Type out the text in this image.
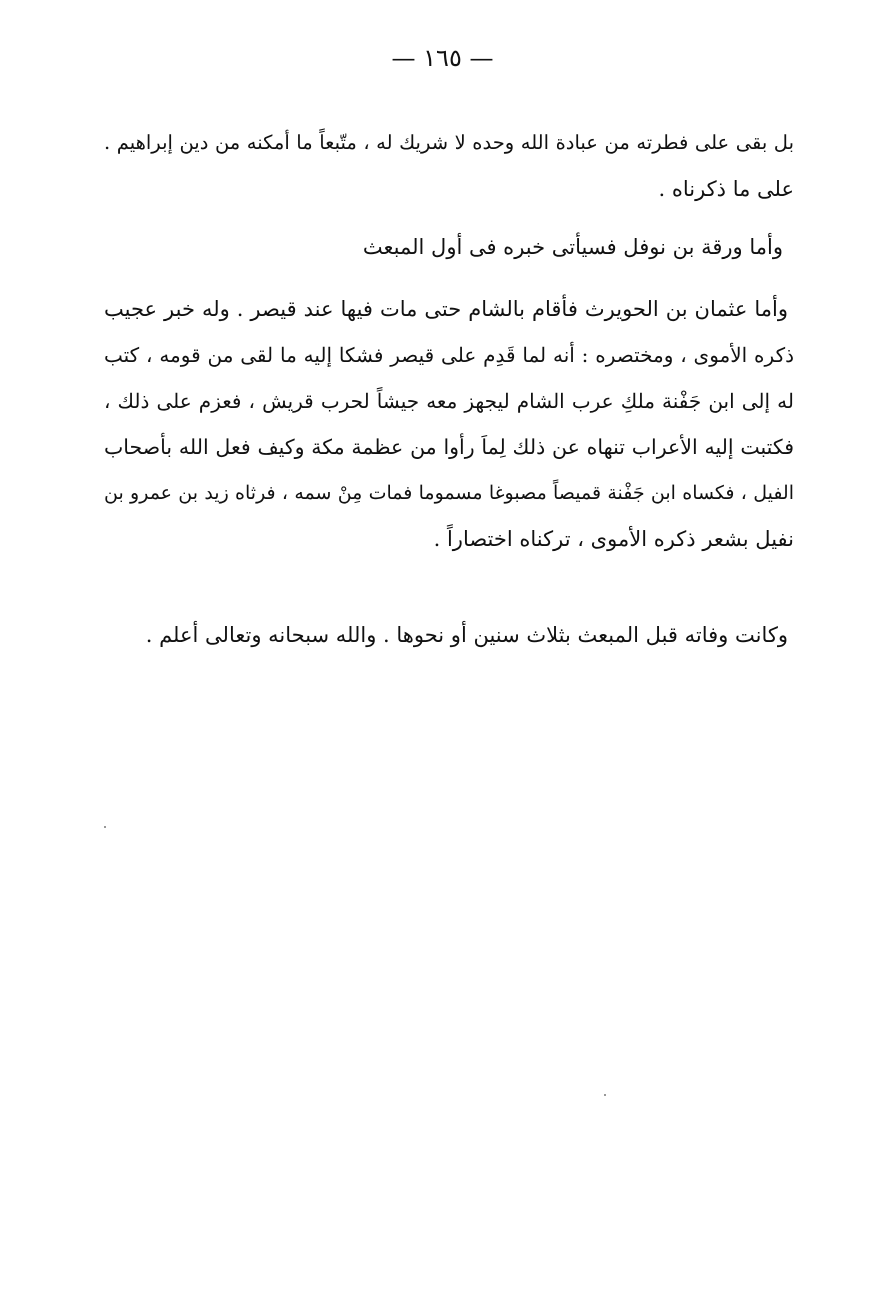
— ١٦٥ —
بل بقى على فطرته من عبادة الله وحده لا شريك له ، متّبعاً ما أمكنه من دين إبراهيم .
على ما ذكرناه .
وأما ورقة بن نوفل فسيأتى خبره فى أول المبعث
وأما عثمان بن الحويرث فأقام بالشام حتى مات فيها عند قيصر . وله خبر عجيب
ذكره الأموى ، ومختصره : أنه لما قَدِم على قيصر فشكا إليه ما لقى من قومه ، كتب
له إلى ابن جَفْنة ملكِ عرب الشام ليجهز معه جيشاً لحرب قريش ، فعزم على ذلك ،
فكتبت إليه الأعراب تنهاه عن ذلك لِماَ رأوا من عظمة مكة وكيف فعل الله بأصحاب
الفيل ، فكساه ابن جَفْنة قميصاً مصبوغا مسموما فمات مِنْ سمه ، فرثاه زيد بن عمرو بن
نفيل بشعر ذكره الأموى ، تركناه اختصاراً .
وكانت وفاته قبل المبعث بثلاث سنين أو نحوها . والله سبحانه وتعالى أعلم .
